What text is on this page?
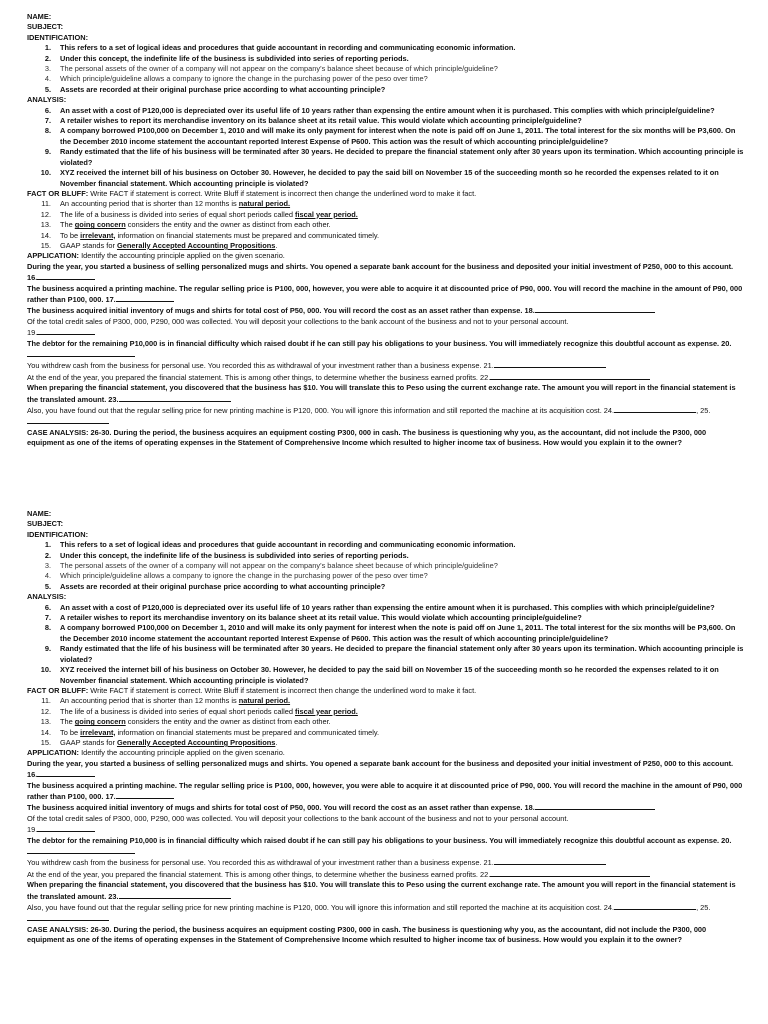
NAME:
SUBJECT:
IDENTIFICATION:
1.	This refers to a set of logical ideas and procedures that guide accountant in recording and communicating economic information.
2.	Under this concept, the indefinite life of the business is subdivided into series of reporting periods.
3.	The personal assets of the owner of a company will not appear on the company’s balance sheet because of which principle/guideline?
4.	Which principle/guideline allows a company to ignore the change in the purchasing power of the peso over time?
5.	Assets are recorded at their original purchase price according to what accounting principle?
ANALYSIS:
6.	An asset with a cost of P120,000 is depreciated over its useful life of 10 years rather than expensing the entire amount when it is purchased. This complies with which principle/guideline?
7.	A retailer wishes to report its merchandise inventory on its balance sheet at its retail value. This would violate which accounting principle/guideline?
8.	A company borrowed P100,000 on December 1, 2010 and will make its only payment for interest when the note is paid off on June 1, 2011. The total interest for the six months will be P3,600. On the December 2010 income statement the accountant reported Interest Expense of P600. This action was the result of which accounting principle/guideline?
9.	Randy estimated that the life of his business will be terminated after 30 years. He decided to prepare the financial statement only after 30 years upon its termination. Which accounting principle is violated?
10.	XYZ received the internet bill of his business on October 30. However, he decided to pay the said bill on November 15 of the succeeding month so he recorded the expenses related to it on November financial statement. Which accounting principle is violated?
FACT OR BLUFF: Write FACT if statement is correct. Write Bluff if statement is incorrect then change the underlined word to make it fact.
11.	An accounting period that is shorter than 12 months is natural period.
12.	The life of a business is divided into series of equal short periods called fiscal year period.
13.	The going concern considers the entity and the owner as distinct from each other.
14.	To be irrelevant, information on financial statements must be prepared and communicated timely.
15.	GAAP stands for Generally Accepted Accounting Propositions.
APPLICATION: Identify the accounting principle applied on the given scenario.
During the year, you started a business of selling personalized mugs and shirts. You opened a separate bank account for the business and deposited your initial investment of P250, 000 to this account. 16.
The business acquired a printing machine. The regular selling price is P100, 000, however, you were able to acquire it at discounted price of P90, 000. You will record the machine in the amount of P90, 000 rather than P100, 000. 17.
The business acquired initial inventory of mugs and shirts for total cost of P50, 000. You will record the cost as an asset rather than expense. 18.
Of the total credit sales of P300, 000, P290, 000 was collected. You will deposit your collections to the bank account of the business and not to your personal account.
19.
The debtor for the remaining P10,000 is in financial difficulty which raised doubt if he can still pay his obligations to your business. You will immediately recognize this doubtful account as expense. 20.
You withdrew cash from the business for personal use. You recorded this as withdrawal of your investment rather than a business expense. 21.
At the end of the year, you prepared the financial statement. This is among other things, to determine whether the business earned profits. 22.
When preparing the financial statement, you discovered that the business has $10. You will translate this to Peso using the current exchange rate. The amount you will report in the financial statement is the translated amount. 23.
Also, you have found out that the regular selling price for new printing machine is P120, 000. You will ignore this information and still reported the machine at its acquisition cost. 24.	, 25.
CASE ANALYSIS: 26-30. During the period, the business acquires an equipment costing P300, 000 in cash. The business is questioning why you, as the accountant, did not include the P300, 000 equipment as one of the items of operating expenses in the Statement of Comprehensive Income which resulted to higher income tax of business. How would you explain it to the owner?
NAME:
SUBJECT:
IDENTIFICATION:
1.	This refers to a set of logical ideas and procedures that guide accountant in recording and communicating economic information.
2.	Under this concept, the indefinite life of the business is subdivided into series of reporting periods.
3.	The personal assets of the owner of a company will not appear on the company’s balance sheet because of which principle/guideline?
4.	Which principle/guideline allows a company to ignore the change in the purchasing power of the peso over time?
5.	Assets are recorded at their original purchase price according to what accounting principle?
ANALYSIS:
6.	An asset with a cost of P120,000 is depreciated over its useful life of 10 years rather than expensing the entire amount when it is purchased. This complies with which principle/guideline?
7.	A retailer wishes to report its merchandise inventory on its balance sheet at its retail value. This would violate which accounting principle/guideline?
8.	A company borrowed P100,000 on December 1, 2010 and will make its only payment for interest when the note is paid off on June 1, 2011. The total interest for the six months will be P3,600. On the December 2010 income statement the accountant reported Interest Expense of P600. This action was the result of which accounting principle/guideline?
9.	Randy estimated that the life of his business will be terminated after 30 years. He decided to prepare the financial statement only after 30 years upon its termination. Which accounting principle is violated?
10.	XYZ received the internet bill of his business on October 30. However, he decided to pay the said bill on November 15 of the succeeding month so he recorded the expenses related to it on November financial statement. Which accounting principle is violated?
FACT OR BLUFF: Write FACT if statement is correct. Write Bluff if statement is incorrect then change the underlined word to make it fact.
11.	An accounting period that is shorter than 12 months is natural period.
12.	The life of a business is divided into series of equal short periods called fiscal year period.
13.	The going concern considers the entity and the owner as distinct from each other.
14.	To be irrelevant, information on financial statements must be prepared and communicated timely.
15.	GAAP stands for Generally Accepted Accounting Propositions.
APPLICATION: Identify the accounting principle applied on the given scenario.
During the year, you started a business of selling personalized mugs and shirts. You opened a separate bank account for the business and deposited your initial investment of P250, 000 to this account. 16.
The business acquired a printing machine. The regular selling price is P100, 000, however, you were able to acquire it at discounted price of P90, 000. You will record the machine in the amount of P90, 000 rather than P100, 000. 17.
The business acquired initial inventory of mugs and shirts for total cost of P50, 000. You will record the cost as an asset rather than expense. 18.
Of the total credit sales of P300, 000, P290, 000 was collected. You will deposit your collections to the bank account of the business and not to your personal account.
19.
The debtor for the remaining P10,000 is in financial difficulty which raised doubt if he can still pay his obligations to your business. You will immediately recognize this doubtful account as expense. 20.
You withdrew cash from the business for personal use. You recorded this as withdrawal of your investment rather than a business expense. 21.
At the end of the year, you prepared the financial statement. This is among other things, to determine whether the business earned profits. 22.
When preparing the financial statement, you discovered that the business has $10. You will translate this to Peso using the current exchange rate. The amount you will report in the financial statement is the translated amount. 23.
Also, you have found out that the regular selling price for new printing machine is P120, 000. You will ignore this information and still reported the machine at its acquisition cost. 24.	, 25.
CASE ANALYSIS: 26-30. During the period, the business acquires an equipment costing P300, 000 in cash. The business is questioning why you, as the accountant, did not include the P300, 000 equipment as one of the items of operating expenses in the Statement of Comprehensive Income which resulted to higher income tax of business. How would you explain it to the owner?
